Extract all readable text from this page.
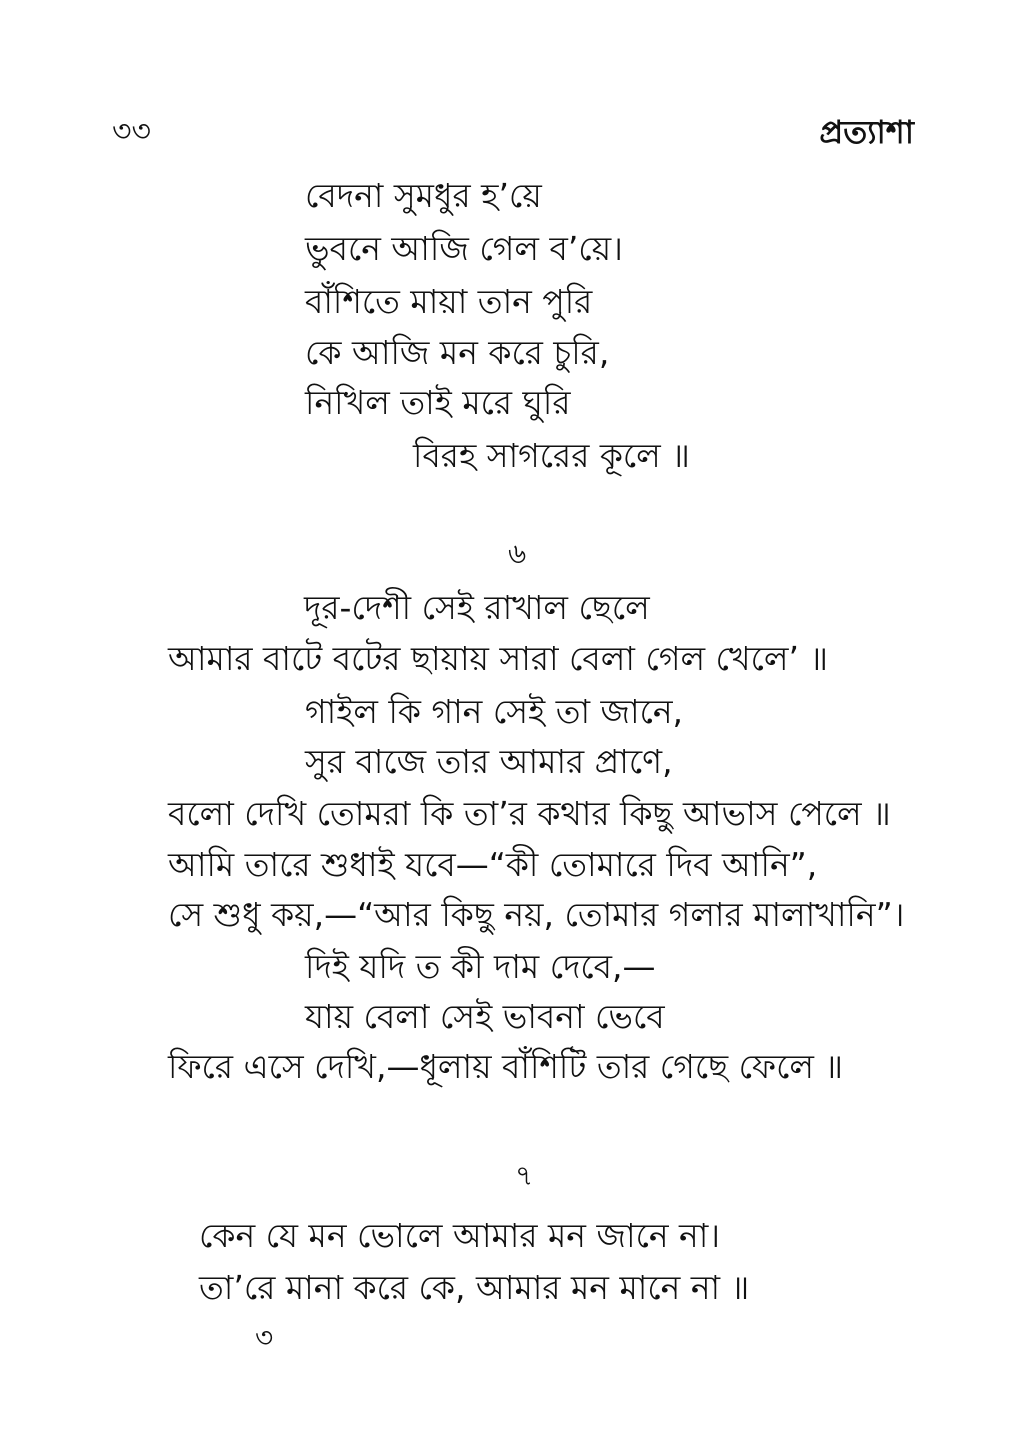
৩৩	প্রত্যাশা
বেদনা সুমধুর হ’য়ে
ভুবনে আজি গেল ব’য়ে।
বাঁশিতে মায়া তান পুরি
কে আজি মন করে চুরি,
নিখিল তাই মরে ঘুরি
বিরহ সাগরের কূলে ॥
৬
দূর-দেশী সেই রাখাল ছেলে
আমার বাটে বটের ছায়ায় সারা বেলা গেল খেলে’ ॥
গাইল কি গান সেই তা জানে,
সুর বাজে তার আমার প্রাণে,
বলো দেখি তোমরা কি তা’র কথার কিছু আভাস পেলে ॥
আমি তারে শুধাই যবে—“কী তোমারে দিব আনি”,
সে শুধু কয়,—“আর কিছু নয়, তোমার গলার মালাখানি”।
দিই যদি ত কী দাম দেবে,—
যায় বেলা সেই ভাবনা ভেবে
ফিরে এসে দেখি,—ধূলায় বাঁশিটি তার গেছে ফেলে ॥
৭
কেন যে মন ভোলে আমার মন জানে না।
তা’রে মানা করে কে, আমার মন মানে না ॥
৩
